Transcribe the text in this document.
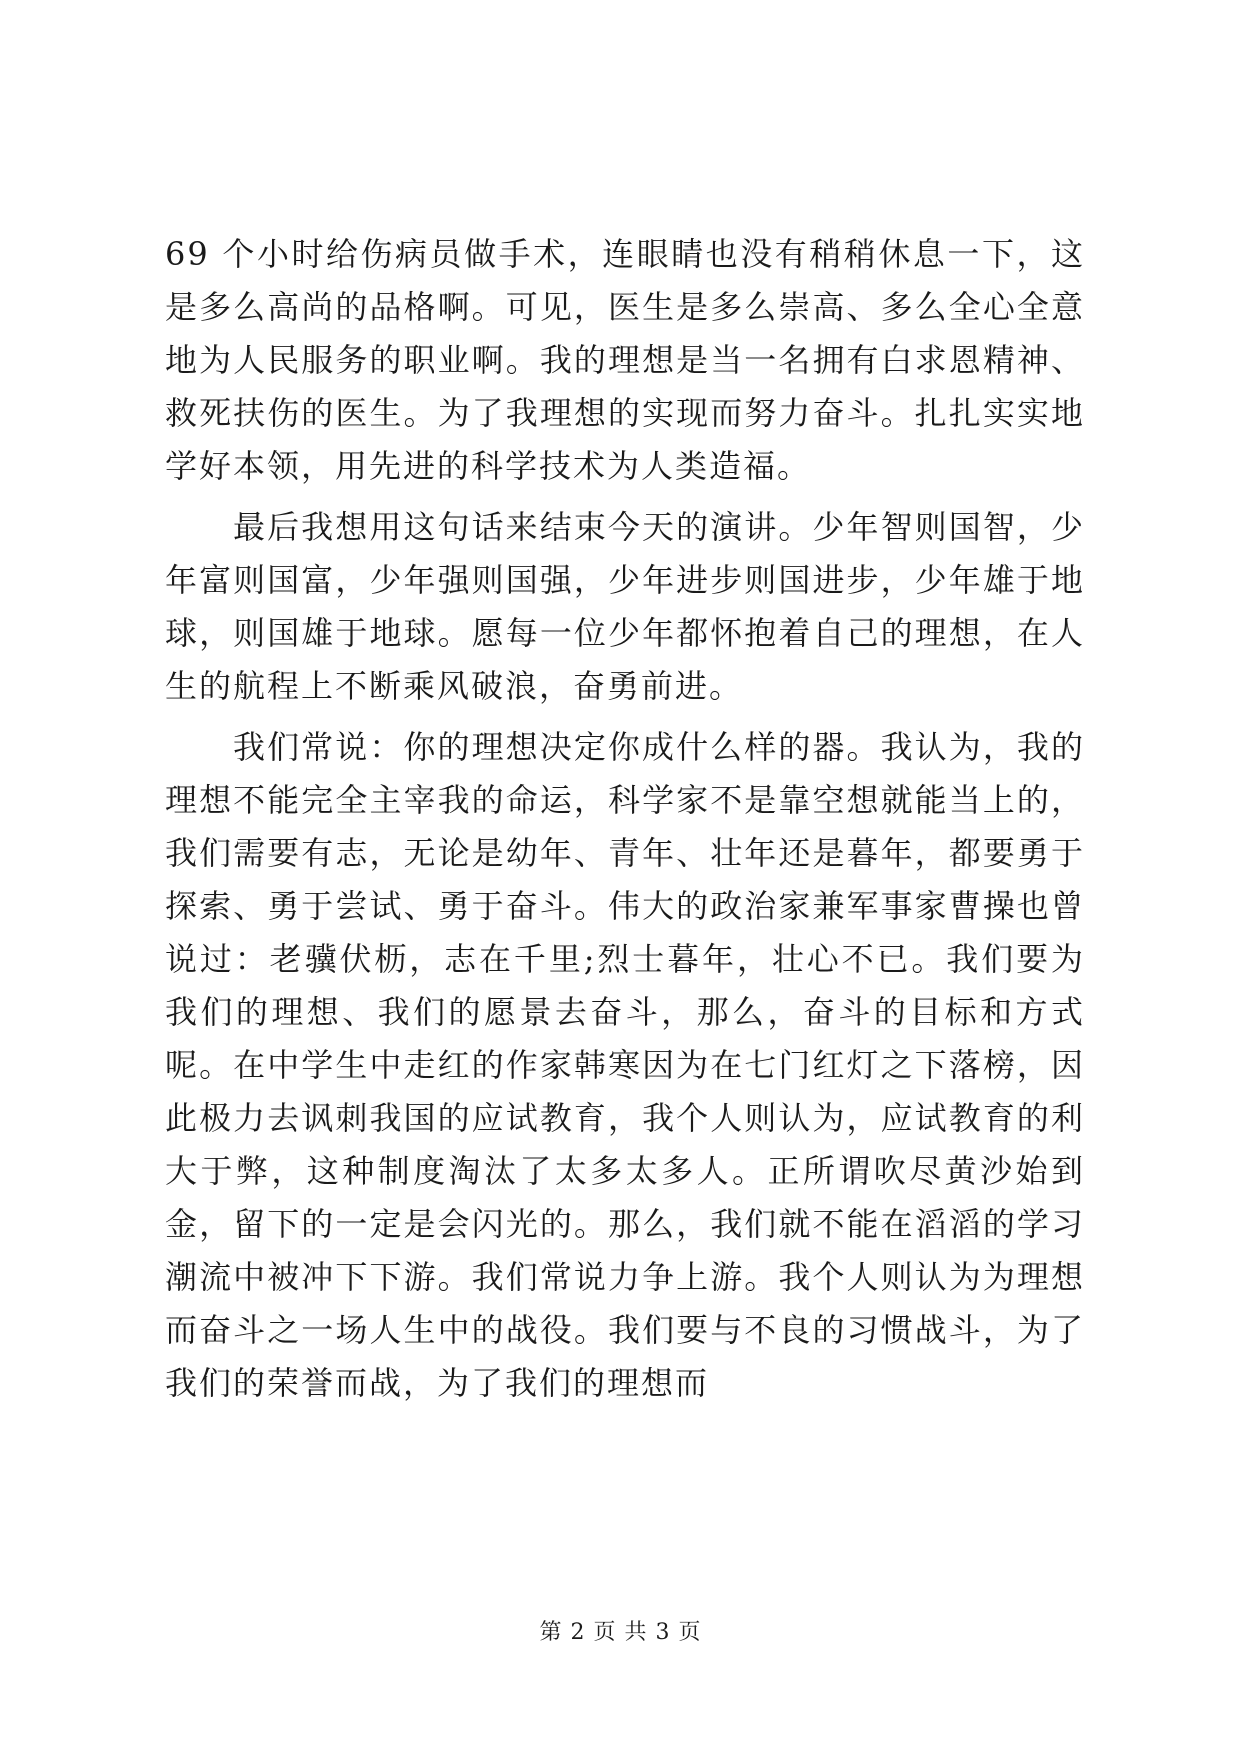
69 个小时给伤病员做手术，连眼睛也没有稍稍休息一下，这是多么高尚的品格啊。可见，医生是多么崇高、多么全心全意地为人民服务的职业啊。我的理想是当一名拥有白求恩精神、救死扶伤的医生。为了我理想的实现而努力奋斗。扎扎实实地学好本领，用先进的科学技术为人类造福。

最后我想用这句话来结束今天的演讲。少年智则国智，少年富则国富，少年强则国强，少年进步则国进步，少年雄于地球，则国雄于地球。愿每一位少年都怀抱着自己的理想，在人生的航程上不断乘风破浪，奋勇前进。

我们常说：你的理想决定你成什么样的器。我认为，我的理想不能完全主宰我的命运，科学家不是靠空想就能当上的，我们需要有志，无论是幼年、青年、壮年还是暮年，都要勇于探索、勇于尝试、勇于奋斗。伟大的政治家兼军事家曹操也曾说过：老骥伏枥，志在千里;烈士暮年，壮心不已。我们要为我们的理想、我们的愿景去奋斗，那么，奋斗的目标和方式呢。在中学生中走红的作家韩寒因为在七门红灯之下落榜，因此极力去讽刺我国的应试教育，我个人则认为，应试教育的利大于弊，这种制度淘汰了太多太多人。正所谓吹尽黄沙始到金，留下的一定是会闪光的。那么，我们就不能在滔滔的学习潮流中被冲下下游。我们常说力争上游。我个人则认为为理想而奋斗之一场人生中的战役。我们要与不良的习惯战斗，为了我们的荣誉而战，为了我们的理想而

第 2 页 共 3 页
